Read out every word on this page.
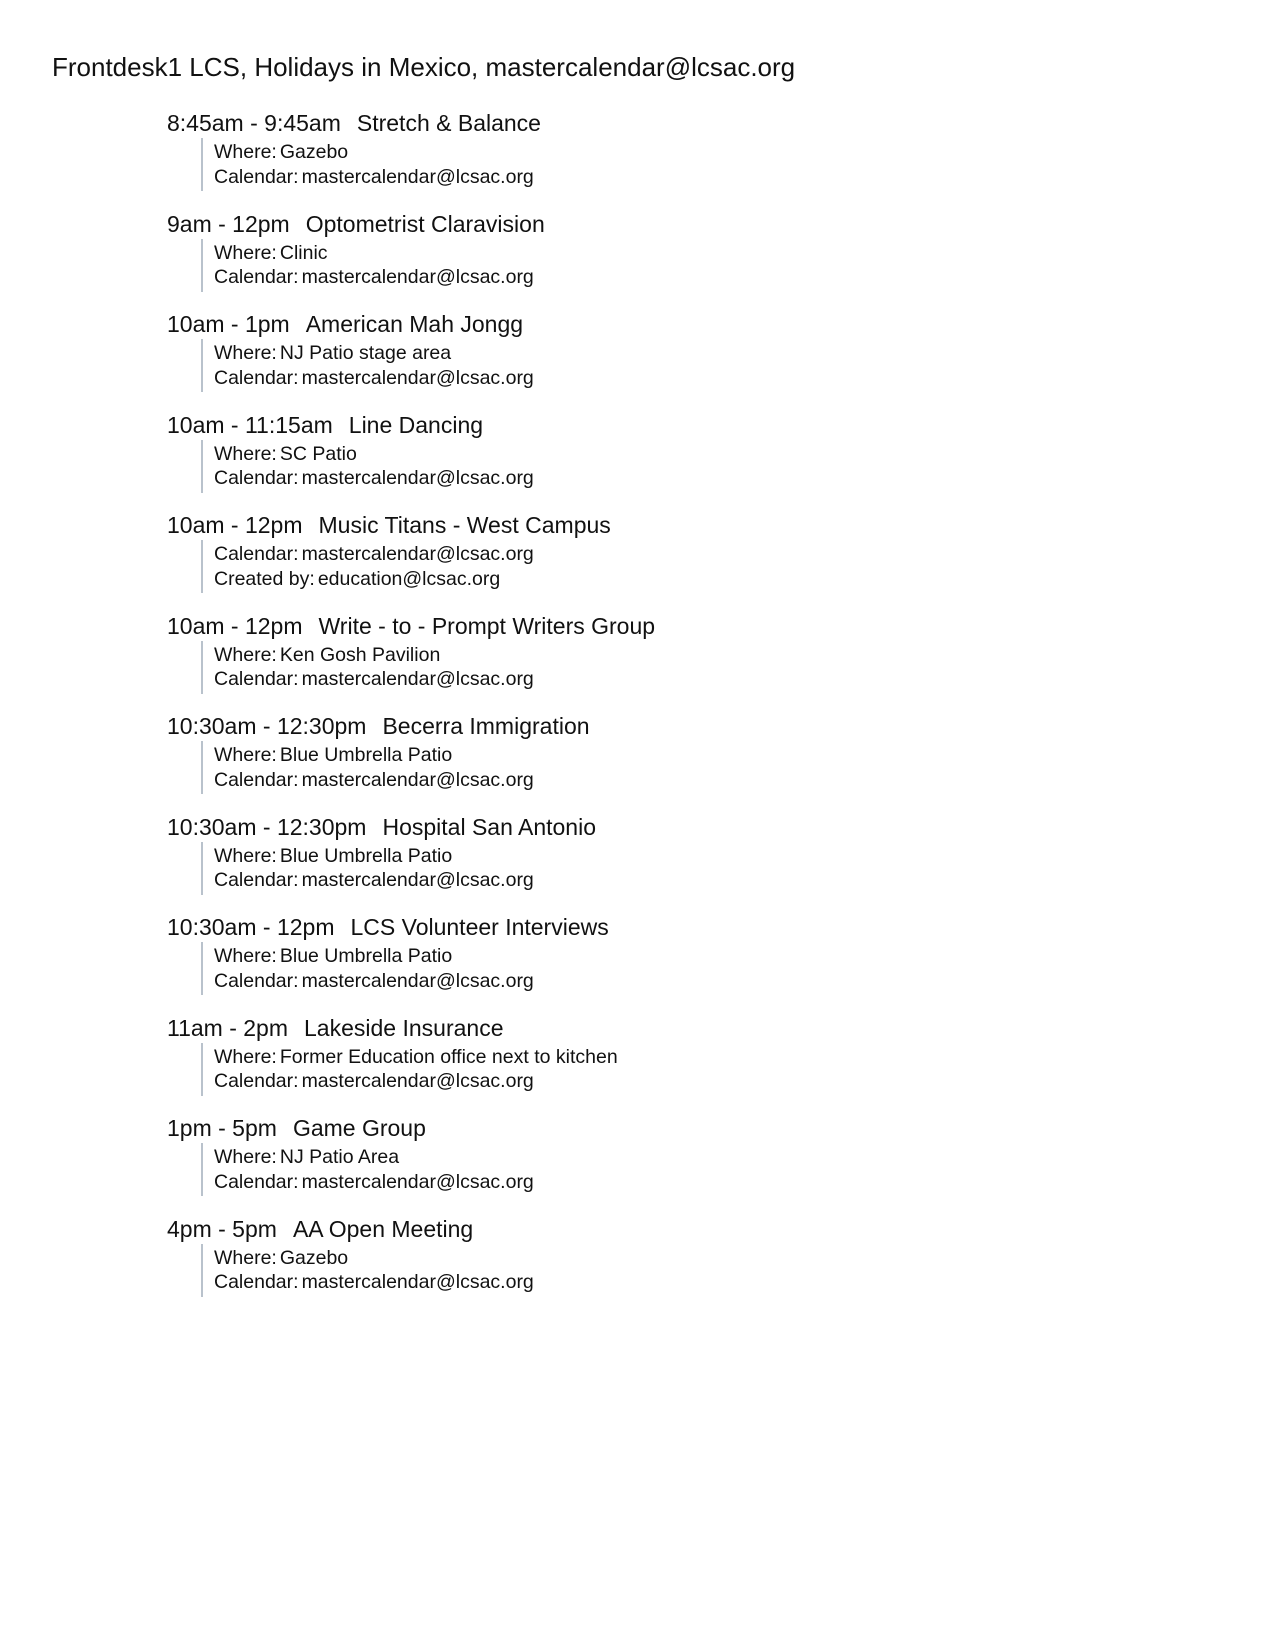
Frontdesk1 LCS, Holidays in Mexico, mastercalendar@lcsac.org
8:45am - 9:45am Stretch & Balance
Where: Gazebo
Calendar: mastercalendar@lcsac.org
9am - 12pm Optometrist Claravision
Where: Clinic
Calendar: mastercalendar@lcsac.org
10am - 1pm American Mah Jongg
Where: NJ Patio stage area
Calendar: mastercalendar@lcsac.org
10am - 11:15am Line Dancing
Where: SC Patio
Calendar: mastercalendar@lcsac.org
10am - 12pm Music Titans - West Campus
Calendar: mastercalendar@lcsac.org
Created by: education@lcsac.org
10am - 12pm Write - to - Prompt Writers Group
Where: Ken Gosh Pavilion
Calendar: mastercalendar@lcsac.org
10:30am - 12:30pm Becerra Immigration
Where: Blue Umbrella Patio
Calendar: mastercalendar@lcsac.org
10:30am - 12:30pm Hospital San Antonio
Where: Blue Umbrella Patio
Calendar: mastercalendar@lcsac.org
10:30am - 12pm LCS Volunteer Interviews
Where: Blue Umbrella Patio
Calendar: mastercalendar@lcsac.org
11am - 2pm Lakeside Insurance
Where: Former Education office next to kitchen
Calendar: mastercalendar@lcsac.org
1pm - 5pm Game Group
Where: NJ Patio Area
Calendar: mastercalendar@lcsac.org
4pm - 5pm AA Open Meeting
Where: Gazebo
Calendar: mastercalendar@lcsac.org
